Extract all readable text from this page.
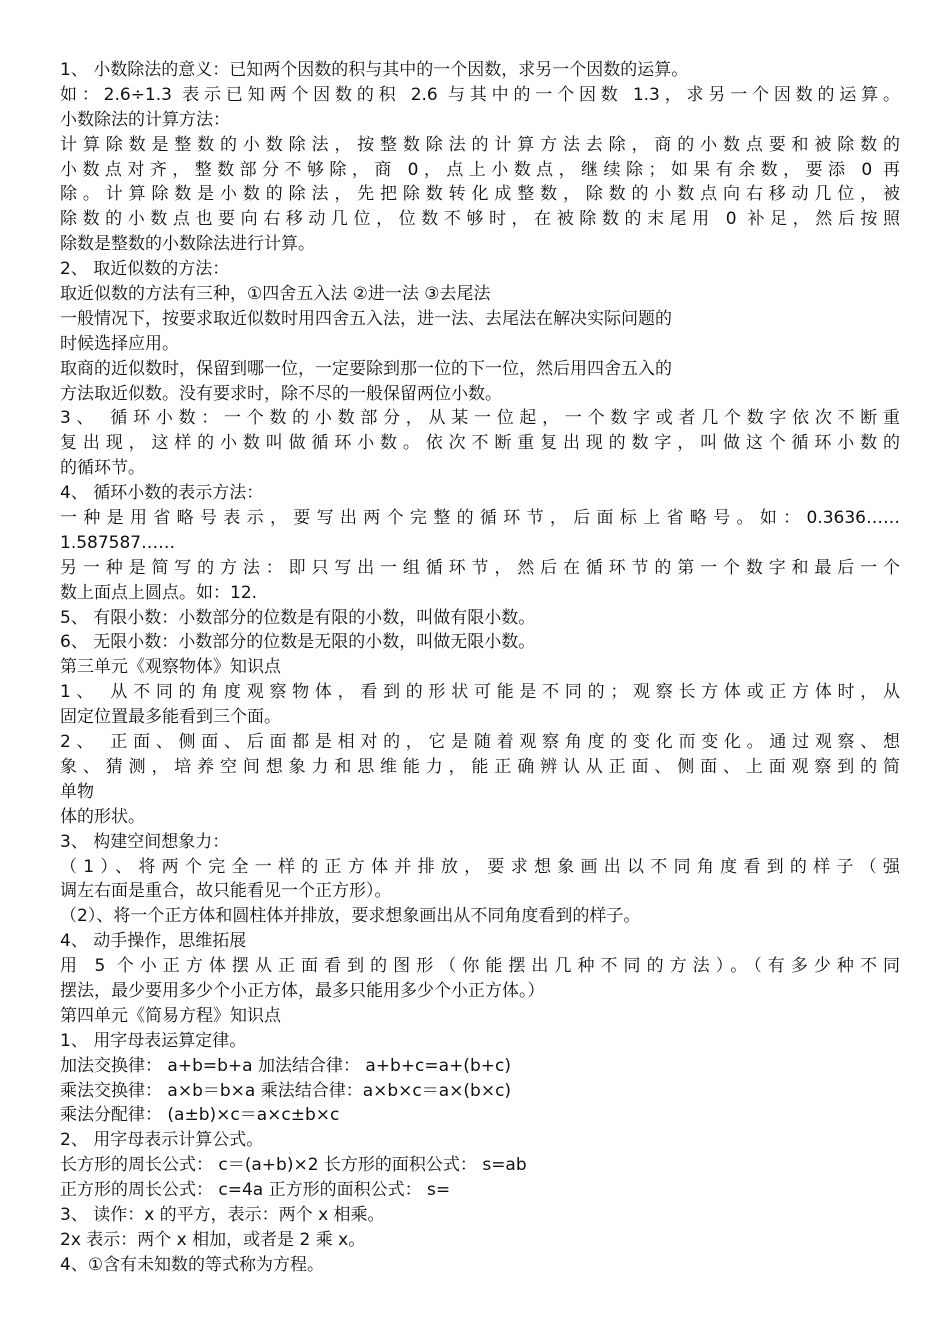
1、 小数除法的意义：已知两个因数的积与其中的一个因数，求另一个因数的运算。
如：2.6÷1.3 表示已知两个因数的积 2.6 与其中的一个因数 1.3，求另一个因数的运算。
小数除法的计算方法：
计算除数是整数的小数除法，按整数除法的计算方法去除，商的小数点要和被除数的
小数点对齐，整数部分不够除，商 0，点上小数点，继续除；如果有余数，要添 0 再
除。计算除数是小数的除法，先把除数转化成整数，除数的小数点向右移动几位，被
除数的小数点也要向右移动几位，位数不够时，在被除数的末尾用 0 补足，然后按照
除数是整数的小数除法进行计算。
2、 取近似数的方法：
取近似数的方法有三种，①四舍五入法 ②进一法 ③去尾法
一般情况下，按要求取近似数时用四舍五入法，进一法、去尾法在解决实际问题的
时候选择应用。
取商的近似数时，保留到哪一位，一定要除到那一位的下一位，然后用四舍五入的
方法取近似数。没有要求时，除不尽的一般保留两位小数。
3、 循环小数：一个数的小数部分，从某一位起，一个数字或者几个数字依次不断重
复出现，这样的小数叫做循环小数。依次不断重复出现的数字，叫做这个循环小数的
的循环节。
4、 循环小数的表示方法：
一种是用省略号表示，要写出两个完整的循环节，后面标上省略号。如：0.3636……
1.587587……
另一种是简写的方法：即只写出一组循环节，然后在循环节的第一个数字和最后一个
数上面点上圆点。如：12.
5、 有限小数：小数部分的位数是有限的小数，叫做有限小数。
6、 无限小数：小数部分的位数是无限的小数，叫做无限小数。
第三单元《观察物体》知识点
1、 从不同的角度观察物体，看到的形状可能是不同的；观察长方体或正方体时，从
固定位置最多能看到三个面。
2、 正面、侧面、后面都是相对的，它是随着观察角度的变化而变化。通过观察、想
象、猜测，培养空间想象力和思维能力，能正确辨认从正面、侧面、上面观察到的简
单物
体的形状。
3、 构建空间想象力：
（1）、将两个完全一样的正方体并排放，要求想象画出以不同角度看到的样子（强
调左右面是重合，故只能看见一个正方形）。
（2）、将一个正方体和圆柱体并排放，要求想象画出从不同角度看到的样子。
4、 动手操作，思维拓展
用 5 个小正方体摆从正面看到的图形（你能摆出几种不同的方法）。（有多少种不同
摆法，最少要用多少个小正方体，最多只能用多少个小正方体。）
第四单元《简易方程》知识点
1、 用字母表运算定律。
加法交换律： a+b=b+a 加法结合律： a+b+c=a+(b+c)
乘法交换律： a×b＝b×a 乘法结合律：a×b×c＝a×(b×c)
乘法分配律： (a±b)×c＝a×c±b×c
2、 用字母表示计算公式。
长方形的周长公式： c＝(a+b)×2 长方形的面积公式： s=ab
正方形的周长公式： c=4a 正方形的面积公式： s=
3、 读作：x 的平方，表示：两个 x 相乘。
2x 表示：两个 x 相加，或者是 2 乘 x。
4、①含有未知数的等式称为方程。
